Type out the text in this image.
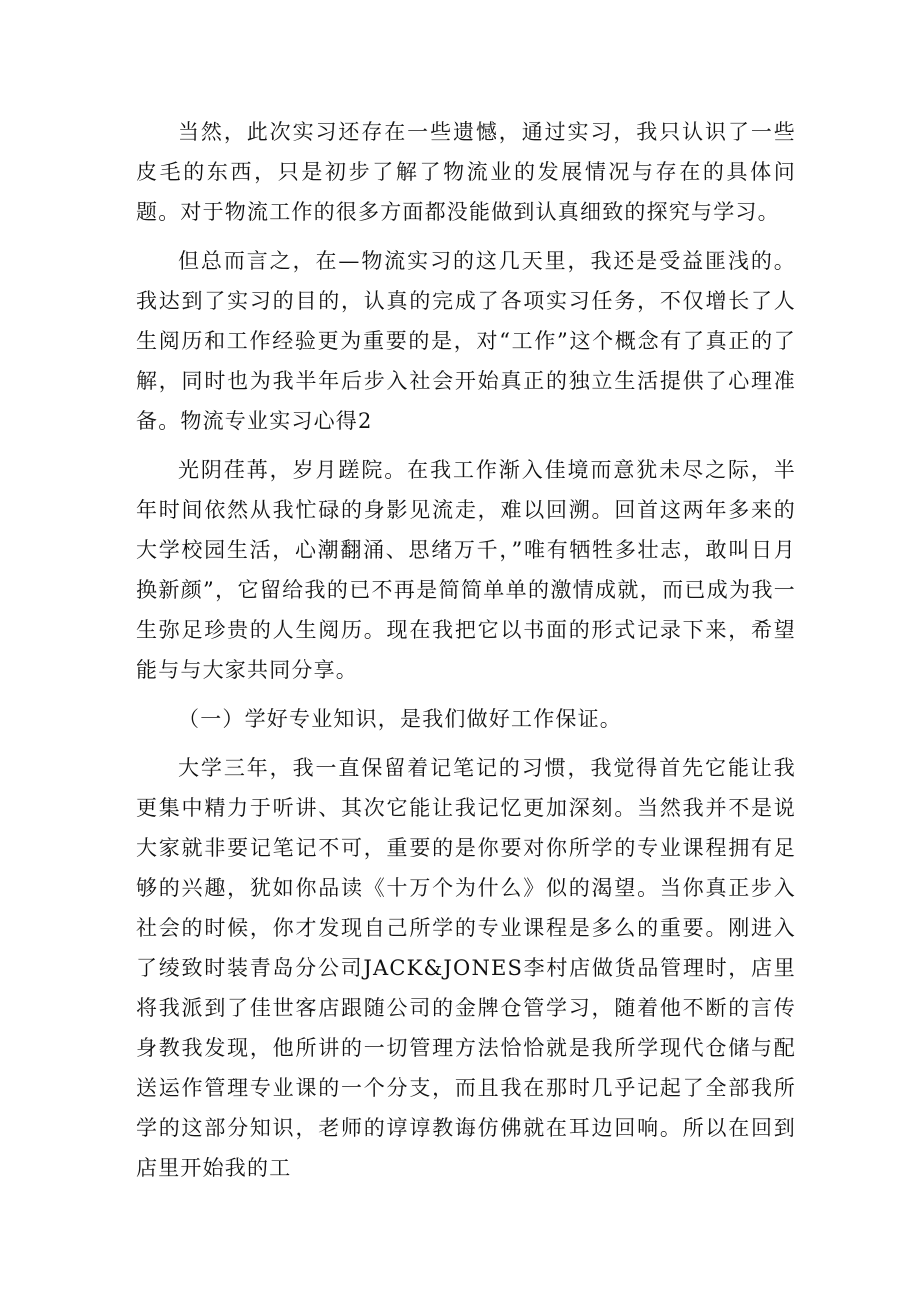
当然，此次实习还存在一些遗憾，通过实习，我只认识了一些皮毛的东西，只是初步了解了物流业的发展情况与存在的具体问题。对于物流工作的很多方面都没能做到认真细致的探究与学习。

但总而言之，在—物流实习的这几天里，我还是受益匪浅的。我达到了实习的目的，认真的完成了各项实习任务，不仅增长了人生阅历和工作经验更为重要的是，对“工作”这个概念有了真正的了解，同时也为我半年后步入社会开始真正的独立生活提供了心理准备。物流专业实习心得2

光阴荏苒，岁月蹉院。在我工作渐入佳境而意犹未尽之际，半年时间依然从我忙碌的身影见流走，难以回溯。回首这两年多来的大学校园生活，心潮翻涌、思绪万千，”唯有牺牲多壮志，敢叫日月换新颜”，它留给我的已不再是简简单单的激情成就，而已成为我一生弥足珍贵的人生阅历。现在我把它以书面的形式记录下来，希望能与与大家共同分享。

（一）学好专业知识，是我们做好工作保证。

大学三年，我一直保留着记笔记的习惯，我觉得首先它能让我更集中精力于听讲、其次它能让我记忆更加深刻。当然我并不是说大家就非要记笔记不可，重要的是你要对你所学的专业课程拥有足够的兴趣，犹如你品读《十万个为什么》似的渴望。当你真正步入社会的时候，你才发现自己所学的专业课程是多么的重要。刚进入了绫致时装青岛分公司JACK&JONES李村店做货品管理时，店里将我派到了佳世客店跟随公司的金牌仓管学习，随着他不断的言传身教我发现，他所讲的一切管理方法恰恰就是我所学现代仓储与配送运作管理专业课的一个分支，而且我在那时几乎记起了全部我所学的这部分知识，老师的谆谆教诲仿佛就在耳边回响。所以在回到店里开始我的工
